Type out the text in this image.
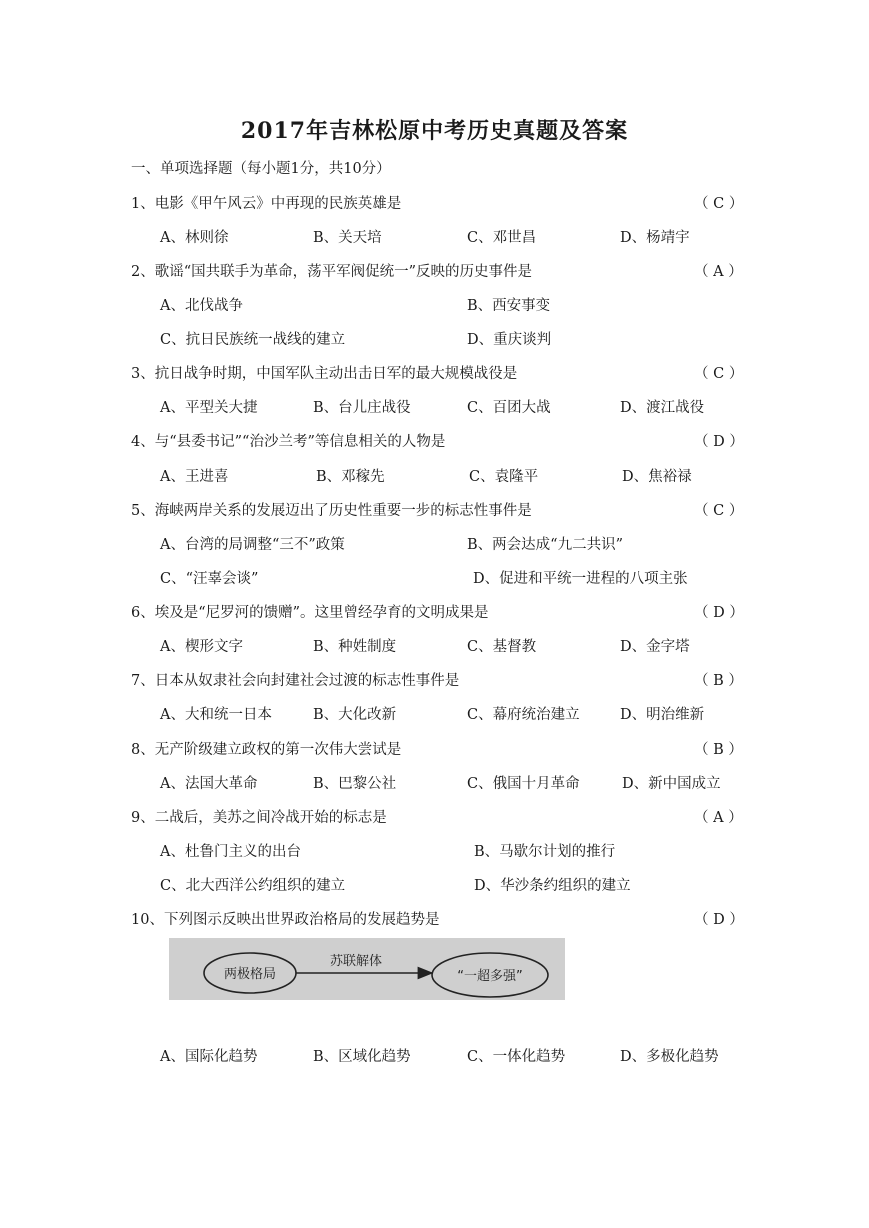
2017年吉林松原中考历史真题及答案
一、单项选择题（每小题1分，共10分）
1、电影《甲午风云》中再现的民族英雄是	（ C ）
A、林则徐	B、关天培	C、邓世昌	D、杨靖宇
2、歌谣“国共联手为革命，荡平军阀促统一”反映的历史事件是	（ A ）
A、北伐战争	B、西安事变
C、抗日民族统一战线的建立	D、重庆谈判
3、抗日战争时期，中国军队主动出击日军的最大规模战役是	（ C ）
A、平型关大捷	B、台儿庄战役	C、百团大战	D、渡江战役
4、与“县委书记”“治沙兰考”等信息相关的人物是	（ D ）
A、王进喜	B、邓稼先	C、袁隆平	D、焦裕禄
5、海峡两岸关系的发展迈出了历史性重要一步的标志性事件是	（ C ）
A、台湾的局调整“三不”政策	B、两会达成“九二共识”
C、“汪辜会谈”	D、促进和平统一进程的八项主张
6、埃及是“尼罗河的馈赠”。这里曾经孕育的文明成果是	（ D ）
A、楔形文字	B、种姓制度	C、基督教	D、金字塔
7、日本从奴隶社会向封建社会过渡的标志性事件是	（ B ）
A、大和统一日本	B、大化改新	C、幕府统治建立	D、明治维新
8、无产阶级建立政权的第一次伟大尝试是	（ B ）
A、法国大革命	B、巴黎公社	C、俄国十月革命	D、新中国成立
9、二战后，美苏之间冷战开始的标志是	（ A ）
A、杜鲁门主义的出台	B、马歇尔计划的推行
C、北大西洋公约组织的建立	D、华沙条约组织的建立
10、下列图示反映出世界政治格局的发展趋势是	（ D ）
两极格局
苏联解体
“一超多强”
A、国际化趋势	B、区域化趋势	C、一体化趋势	D、多极化趋势
